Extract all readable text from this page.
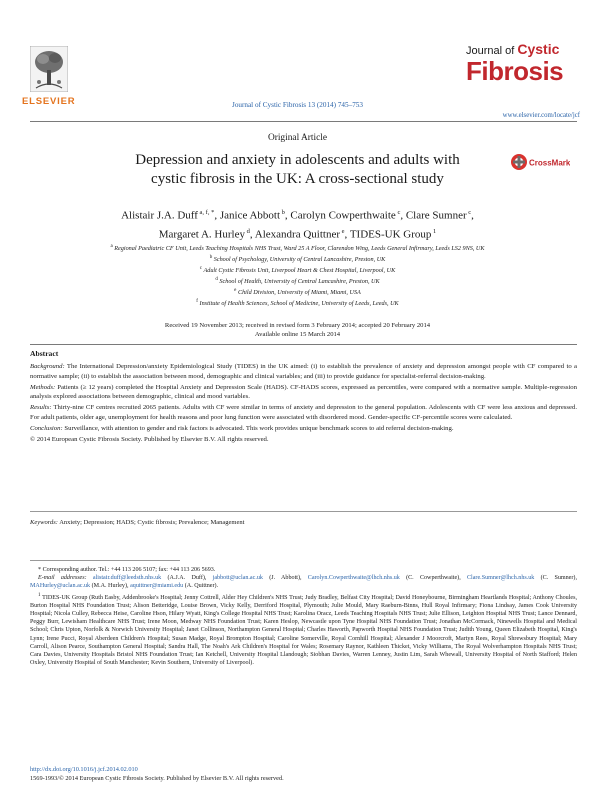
ELSEVIER	Journal of Cystic Fibrosis 13 (2014) 745–753
Journal of Cystic
Fibrosis
www.elsevier.com/locate/jcf
Original Article
Depression and anxiety in adolescents and adults with
cystic fibrosis in the UK: A cross-sectional study
CrossMark
Alistair J.A. Duff $^{a, f, *}$, Janice Abbott $^b$, Carolyn Cowperthwaite $^c$, Clare Sumner $^c$,
Margaret A. Hurley $^d$, Alexandra Quittner $^e$, TIDES-UK Group $^1$
$^a$ Regional Paediatric CF Unit, Leeds Teaching Hospitals NHS Trust, Ward 25 A Floor, Clarendon Wing, Leeds General Infirmary, Leeds LS2 9NS, UK
$^b$ School of Psychology, University of Central Lancashire, Preston, UK
$^c$ Adult Cystic Fibrosis Unit, Liverpool Heart & Chest Hospital, Liverpool, UK
$^d$ School of Health, University of Central Lancashire, Preston, UK
$^e$ Child Division, University of Miami, Miami, USA
$^f$ Institute of Health Sciences, School of Medicine, University of Leeds, Leeds, UK
Received 19 November 2013; received in revised form 3 February 2014; accepted 20 February 2014
Available online 15 March 2014
Abstract

Background: The International Depression/anxiety Epidemiological Study (TIDES) in the UK aimed: (i) to establish the prevalence of anxiety and depression amongst people with CF compared to a normative sample; (ii) to establish the association between mood, demographic and clinical variables; and (iii) to provide guidance for specialist-referral decision-making.

Methods: Patients (≥ 12 years) completed the Hospital Anxiety and Depression Scale (HADS). CF-HADS scores, expressed as percentiles, were compared with a normative sample. Multiple-regression analysis explored associations between demographic, clinical and mood variables.

Results: Thirty-nine CF centres recruited 2065 patients. Adults with CF were similar in terms of anxiety and depression to the general population. Adolescents with CF were less anxious and depressed. For adult patients, older age, unemployment for health reasons and poor lung function were associated with disordered mood. Gender-specific CF-percentile scores were calculated.

Conclusion: Surveillance, with attention to gender and risk factors is advocated. This work provides unique benchmark scores to aid referral decision-making.

© 2014 European Cystic Fibrosis Society. Published by Elsevier B.V. All rights reserved.

Keywords: Anxiety; Depression; HADS; Cystic fibrosis; Prevalence; Management

* Corresponding author. Tel.: +44 113 206 5107; fax: +44 113 206 5693.

E-mail addresses: alistair.duff@leedsth.nhs.uk (A.J.A. Duff), jabbott@uclan.ac.uk (J. Abbott), Carolyn.Cowperthwaite@lhch.nhs.uk (C. Cowperthwaite), Clare.Sumner@lhch.nhs.uk (C. Sumner), MAHurley@uclan.ac.uk (M.A. Hurley), aquittner@miami.edu (A. Quittner).

$^1$ TIDES-UK Group (Ruth Easby, Addenbrooke's Hospital; Jenny Cottrell, Alder Hey Children's NHS Trust; Judy Bradley, Belfast City Hospital; David Honeybourne, Birmingham Heartlands Hospital; Anthony Choules, Burton Hospital NHS Foundation Trust; Alison Betteridge, Louise Brown, Vicky Kelly, Derriford Hospital, Plymouth; Julie Mould, Mary Raeburn-Binns, Hull Royal Infirmary; Fiona Lindsay, James Cook University Hospital; Nicola Culley, Rebecca Heise, Caroline Hson, Hilary Wyatt, King's College Hospital NHS Trust; Karolina Oracz, Leeds Teaching Hospitals NHS Trust; Julie Ellison, Leighton Hospital NHS Trust; Lance Dennard, Peggy Burr, Lewisham Healthcare NHS Trust; Irene Moon, Medway NHS Foundation Trust; Karen Heslop, Newcastle upon Tyne Hospital NHS Foundation Trust; Jonathan McCormack, Ninewells Hospital and Medical School; Chris Upton, Norfolk & Norwich University Hospital; Janet Collinson, Northampton General Hospital; Charles Haworth, Papworth Hospital NHS Foundation Trust; Judith Young, Queen Elizabeth Hospital, King's Lynn; Irene Pucci, Royal Aberdeen Children's Hospital; Susan Madge, Royal Brompton Hospital; Caroline Somerville, Royal Cornhill Hospital; Alexander J Moorcroft, Martyn Rees, Royal Shrewsbury Hospital; Mary Carroll, Alison Pearce, Southampton General Hospital; Sandra Hall, The Noah's Ark Children's Hospital for Wales; Rosemary Raynor, Kathleen Thicket, Vicky Williams, The Royal Wolverhampton Hospitals NHS Trust; Cara Davies, University Hospitals Bristol NHS Foundation Trust; Ian Ketchell, University Hospital Llandough; Siobhan Davies, Warren Lenney, Justin Lim, Sarah Whewall, University Hospital of North Stafford; Helen Oxley, University Hospital of South Manchester; Kevin Southern, University of Liverpool).

http://dx.doi.org/10.1016/j.jcf.2014.02.010
1569-1993/© 2014 European Cystic Fibrosis Society. Published by Elsevier B.V. All rights reserved.
